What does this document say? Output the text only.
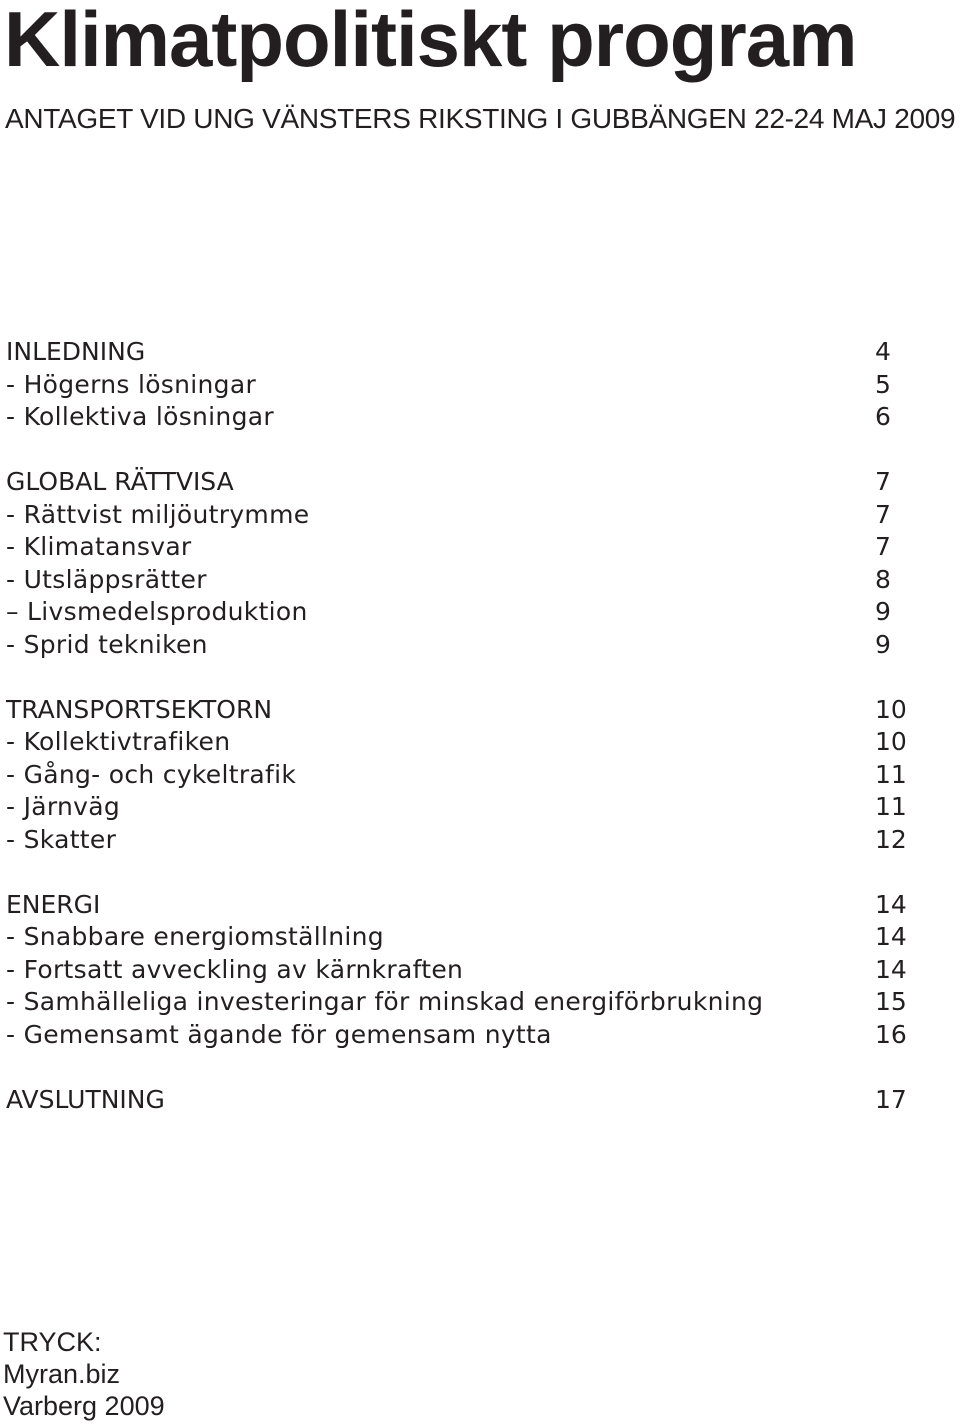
Klimatpolitiskt program
ANTAGET VID UNG VÄNSTERS RIKSTING I GUBBÄNGEN 22-24 MAJ 2009
INLEDNING	4
- Högerns lösningar	5
- Kollektiva lösningar	6
GLOBAL RÄTTVISA	7
- Rättvist miljöutrymme	7
- Klimatansvar	7
- Utsläppsrätter	8
– Livsmedelsproduktion	9
- Sprid tekniken	9
TRANSPORTSEKTORN	10
- Kollektivtrafiken	10
- Gång- och cykeltrafik	11
- Järnväg	11
- Skatter	12
ENERGI	14
- Snabbare energiomställning	14
- Fortsatt avveckling av kärnkraften	14
- Samhälleliga investeringar för minskad energiförbrukning	15
- Gemensamt ägande för gemensam nytta	16
AVSLUTNING	17
TRYCK:
Myran.biz
Varberg 2009
